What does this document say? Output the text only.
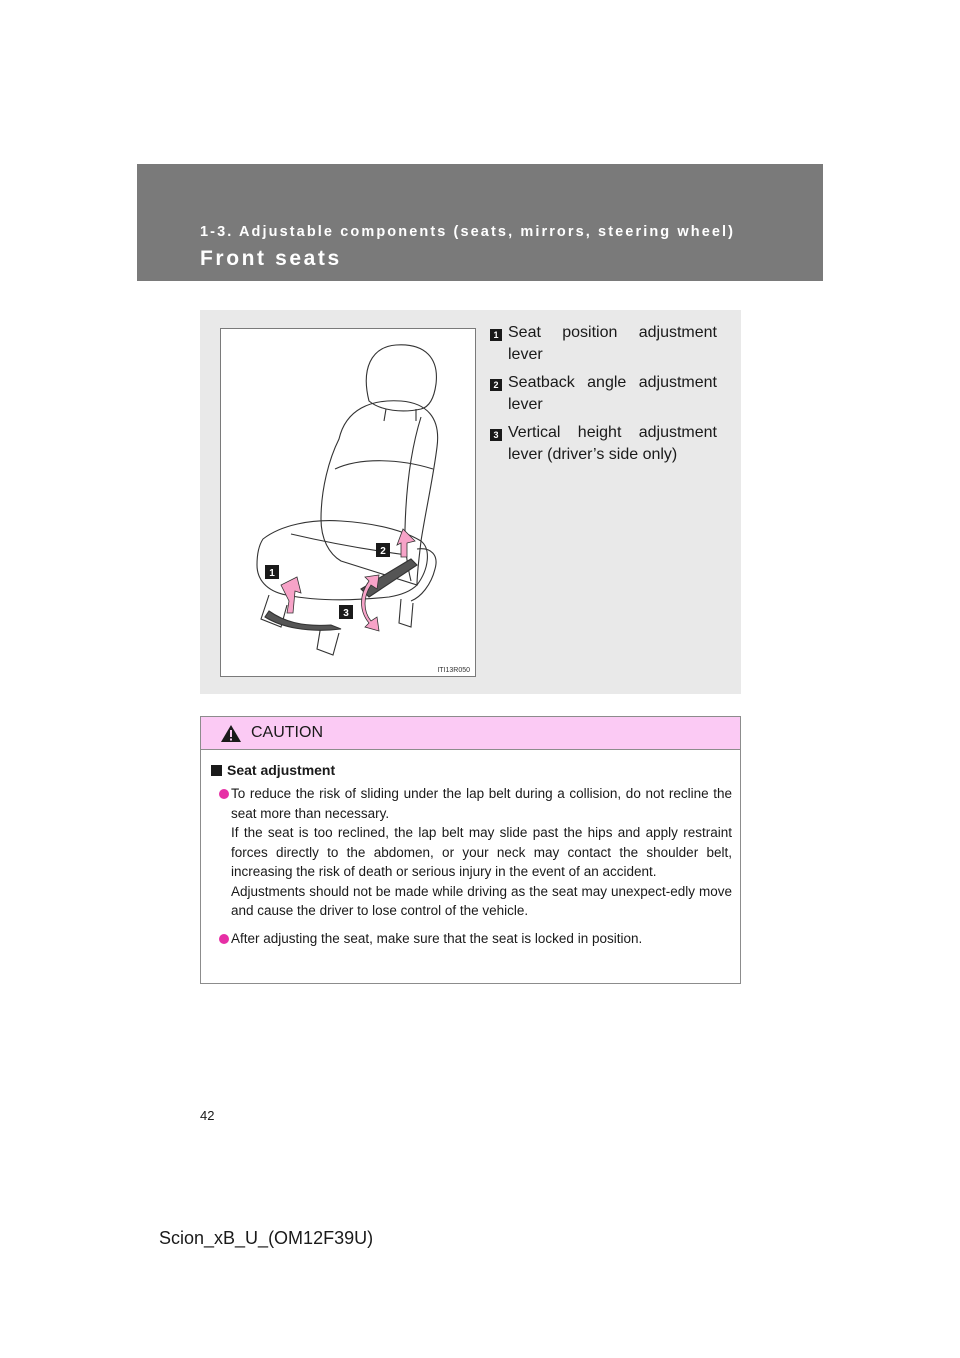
1-3. Adjustable components (seats, mirrors, steering wheel)
Front seats
1
2
3
ITI13R050
1 Seat position adjustment lever
2 Seatback angle adjustment lever
3 Vertical height adjustment lever (driver’s side only)
CAUTION
Seat adjustment

To reduce the risk of sliding under the lap belt during a collision, do not recline the seat more than necessary.

If the seat is too reclined, the lap belt may slide past the hips and apply restraint forces directly to the abdomen, or your neck may contact the shoulder belt, increasing the risk of death or serious injury in the event of an accident.

Adjustments should not be made while driving as the seat may unexpect-edly move and cause the driver to lose control of the vehicle.

After adjusting the seat, make sure that the seat is locked in position.

42
Scion_xB_U_(OM12F39U)
